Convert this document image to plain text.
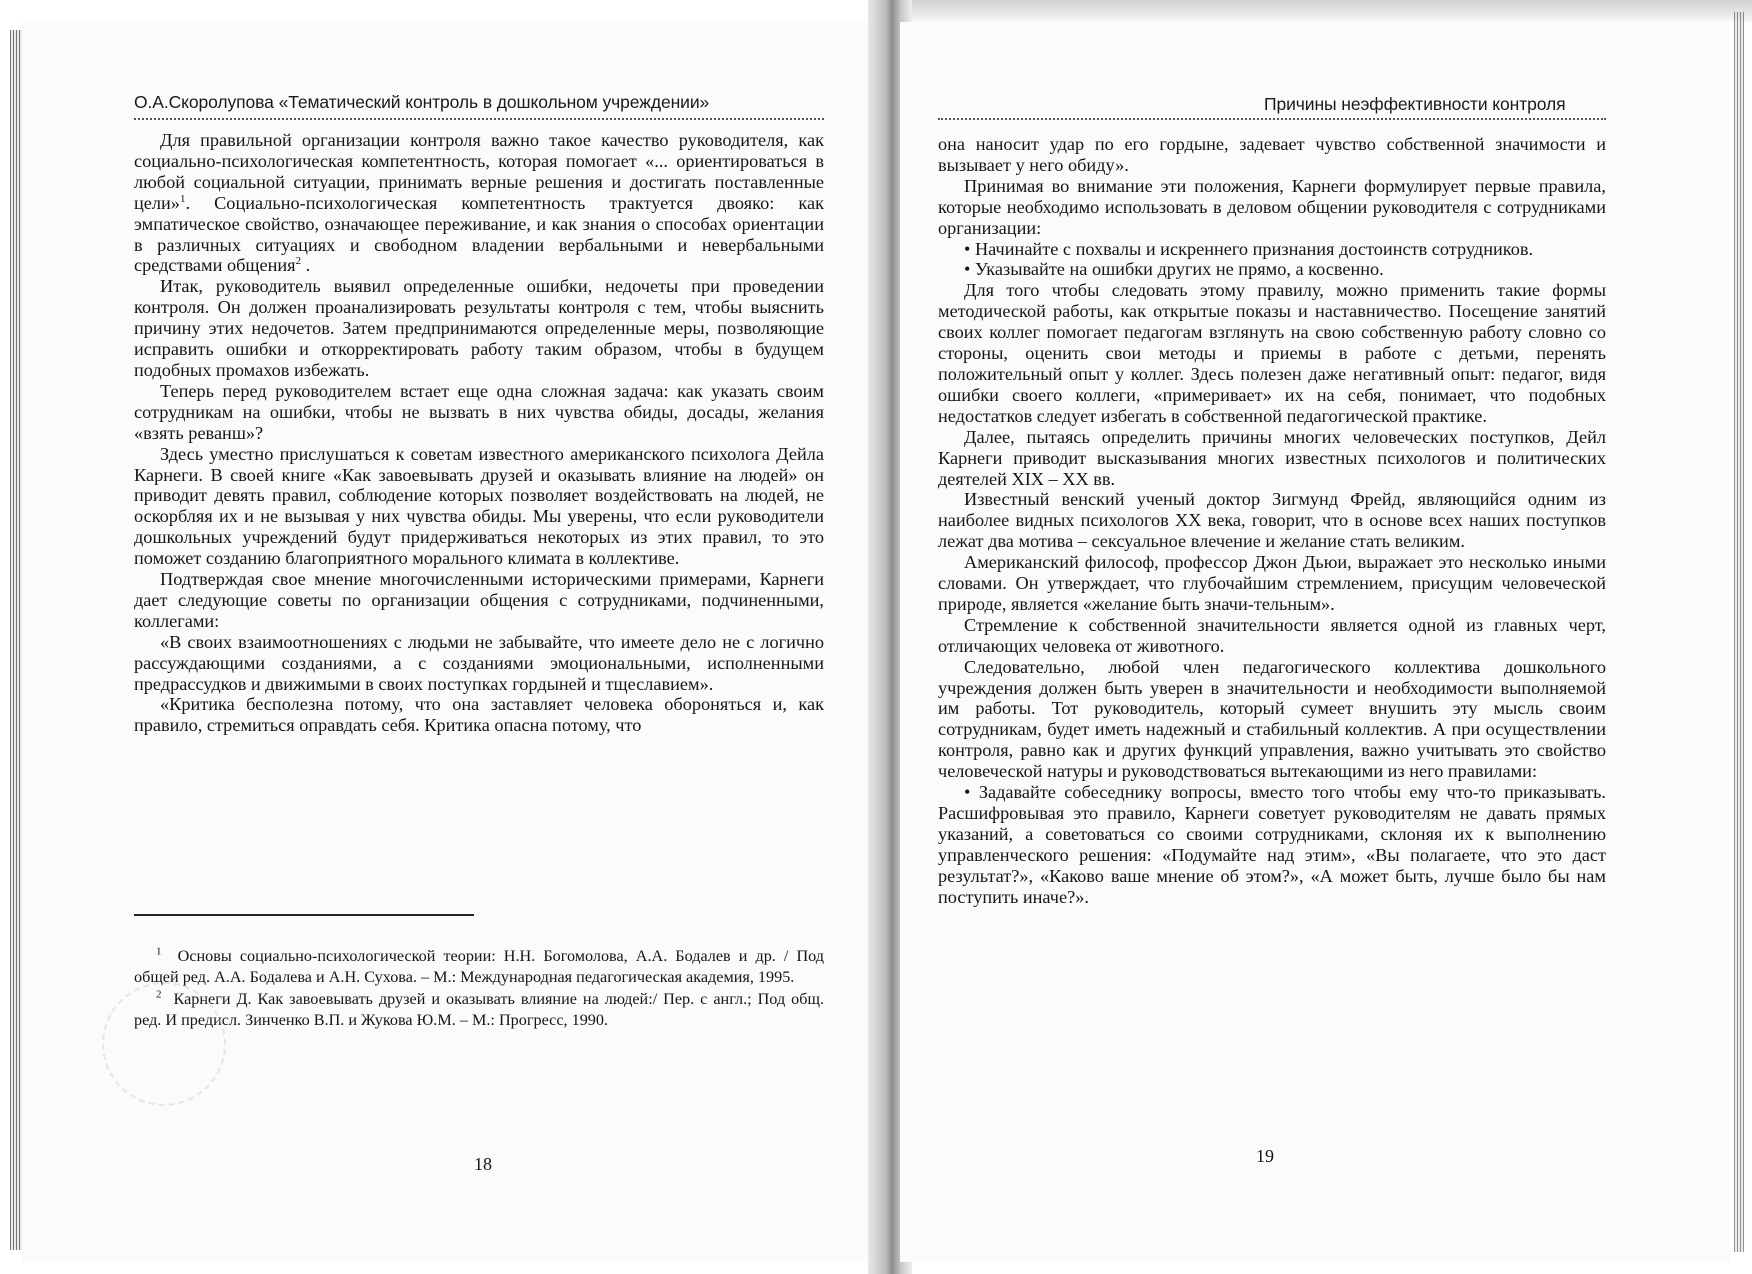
О.А.Скоролупова «Тематический контроль в дошкольном учреждении»

Для правильной организации контроля важно такое качество руководителя, как социально-психологическая компетентность, которая помогает «... ориентироваться в любой социальной ситуации, принимать верные решения и достигать поставленные цели»$^1$. Социально-психологическая компетентность трактуется двояко: как эмпатическое свойство, означающее переживание, и как знания о способах ориентации в различных ситуациях и свободном владении вербальными и невербальными средствами общения$^2$ .

Итак, руководитель выявил определенные ошибки, недочеты при проведении контроля. Он должен проанализировать результаты контроля с тем, чтобы выяснить причину этих недочетов. Затем предпринимаются определенные меры, позволяющие исправить ошибки и откорректировать работу таким образом, чтобы в будущем подобных промахов избежать.

Теперь перед руководителем встает еще одна сложная задача: как указать своим сотрудникам на ошибки, чтобы не вызвать в них чувства обиды, досады, желания «взять реванш»?

Здесь уместно прислушаться к советам известного американского психолога Дейла Карнеги. В своей книге «Как завоевывать друзей и оказывать влияние на людей» он приводит девять правил, соблюдение которых позволяет воздействовать на людей, не оскорбляя их и не вызывая у них чувства обиды. Мы уверены, что если руководители дошкольных учреждений будут придерживаться некоторых из этих правил, то это поможет созданию благоприятного морального климата в коллективе.

Подтверждая свое мнение многочисленными историческими примерами, Карнеги дает следующие советы по организации общения с сотрудниками, подчиненными, коллегами:

«В своих взаимоотношениях с людьми не забывайте, что имеете дело не с логично рассуждающими созданиями, а с созданиями эмоциональными, исполненными предрассудков и движимыми в своих поступках гордыней и тщеславием».

«Критика бесполезна потому, что она заставляет человека обороняться и, как правило, стремиться оправдать себя. Критика опасна потому, что

$^1$ Основы социально-психологической теории: Н.Н. Богомолова, А.А. Бодалев и др. / Под общей ред. А.А. Бодалева и А.Н. Сухова. – М.: Международная педагогическая академия, 1995.

$^2$ Карнеги Д. Как завоевывать друзей и оказывать влияние на людей:/ Пер. с англ.; Под общ. ред. И предисл. Зинченко В.П. и Жукова Ю.М. – М.: Прогресс, 1990.

18
Причины неэффективности контроля

она наносит удар по его гордыне, задевает чувство собственной значимости и вызывает у него обиду».

Принимая во внимание эти положения, Карнеги формулирует первые правила, которые необходимо использовать в деловом общении руководителя с сотрудниками организации:

• Начинайте с похвалы и искреннего признания достоинств сотрудников.

• Указывайте на ошибки других не прямо, а косвенно.

Для того чтобы следовать этому правилу, можно применить такие формы методической работы, как открытые показы и наставничество. Посещение занятий своих коллег помогает педагогам взглянуть на свою собственную работу словно со стороны, оценить свои методы и приемы в работе с детьми, перенять положительный опыт у коллег. Здесь полезен даже негативный опыт: педагог, видя ошибки своего коллеги, «примеривает» их на себя, понимает, что подобных недостатков следует избегать в собственной педагогической практике.

Далее, пытаясь определить причины многих человеческих поступков, Дейл Карнеги приводит высказывания многих известных психологов и политических деятелей XIX – XX вв.

Известный венский ученый доктор Зигмунд Фрейд, являющийся одним из наиболее видных психологов XX века, говорит, что в основе всех наших поступков лежат два мотива – сексуальное влечение и желание стать великим.

Американский философ, профессор Джон Дьюи, выражает это несколько иными словами. Он утверждает, что глубочайшим стремлением, присущим человеческой природе, является «желание быть значи-тельным».

Стремление к собственной значительности является одной из главных черт, отличающих человека от животного.

Следовательно, любой член педагогического коллектива дошкольного учреждения должен быть уверен в значительности и необходимости выполняемой им работы. Тот руководитель, который сумеет внушить эту мысль своим сотрудникам, будет иметь надежный и стабильный коллектив. А при осуществлении контроля, равно как и других функций управления, важно учитывать это свойство человеческой натуры и руководствоваться вытекающими из него правилами:

• Задавайте собеседнику вопросы, вместо того чтобы ему что-то приказывать. Расшифровывая это правило, Карнеги советует руководителям не давать прямых указаний, а советоваться со своими сотрудниками, склоняя их к выполнению управленческого решения: «Подумайте над этим», «Вы полагаете, что это даст результат?», «Каково ваше мнение об этом?», «А может быть, лучше было бы нам поступить иначе?».

19
